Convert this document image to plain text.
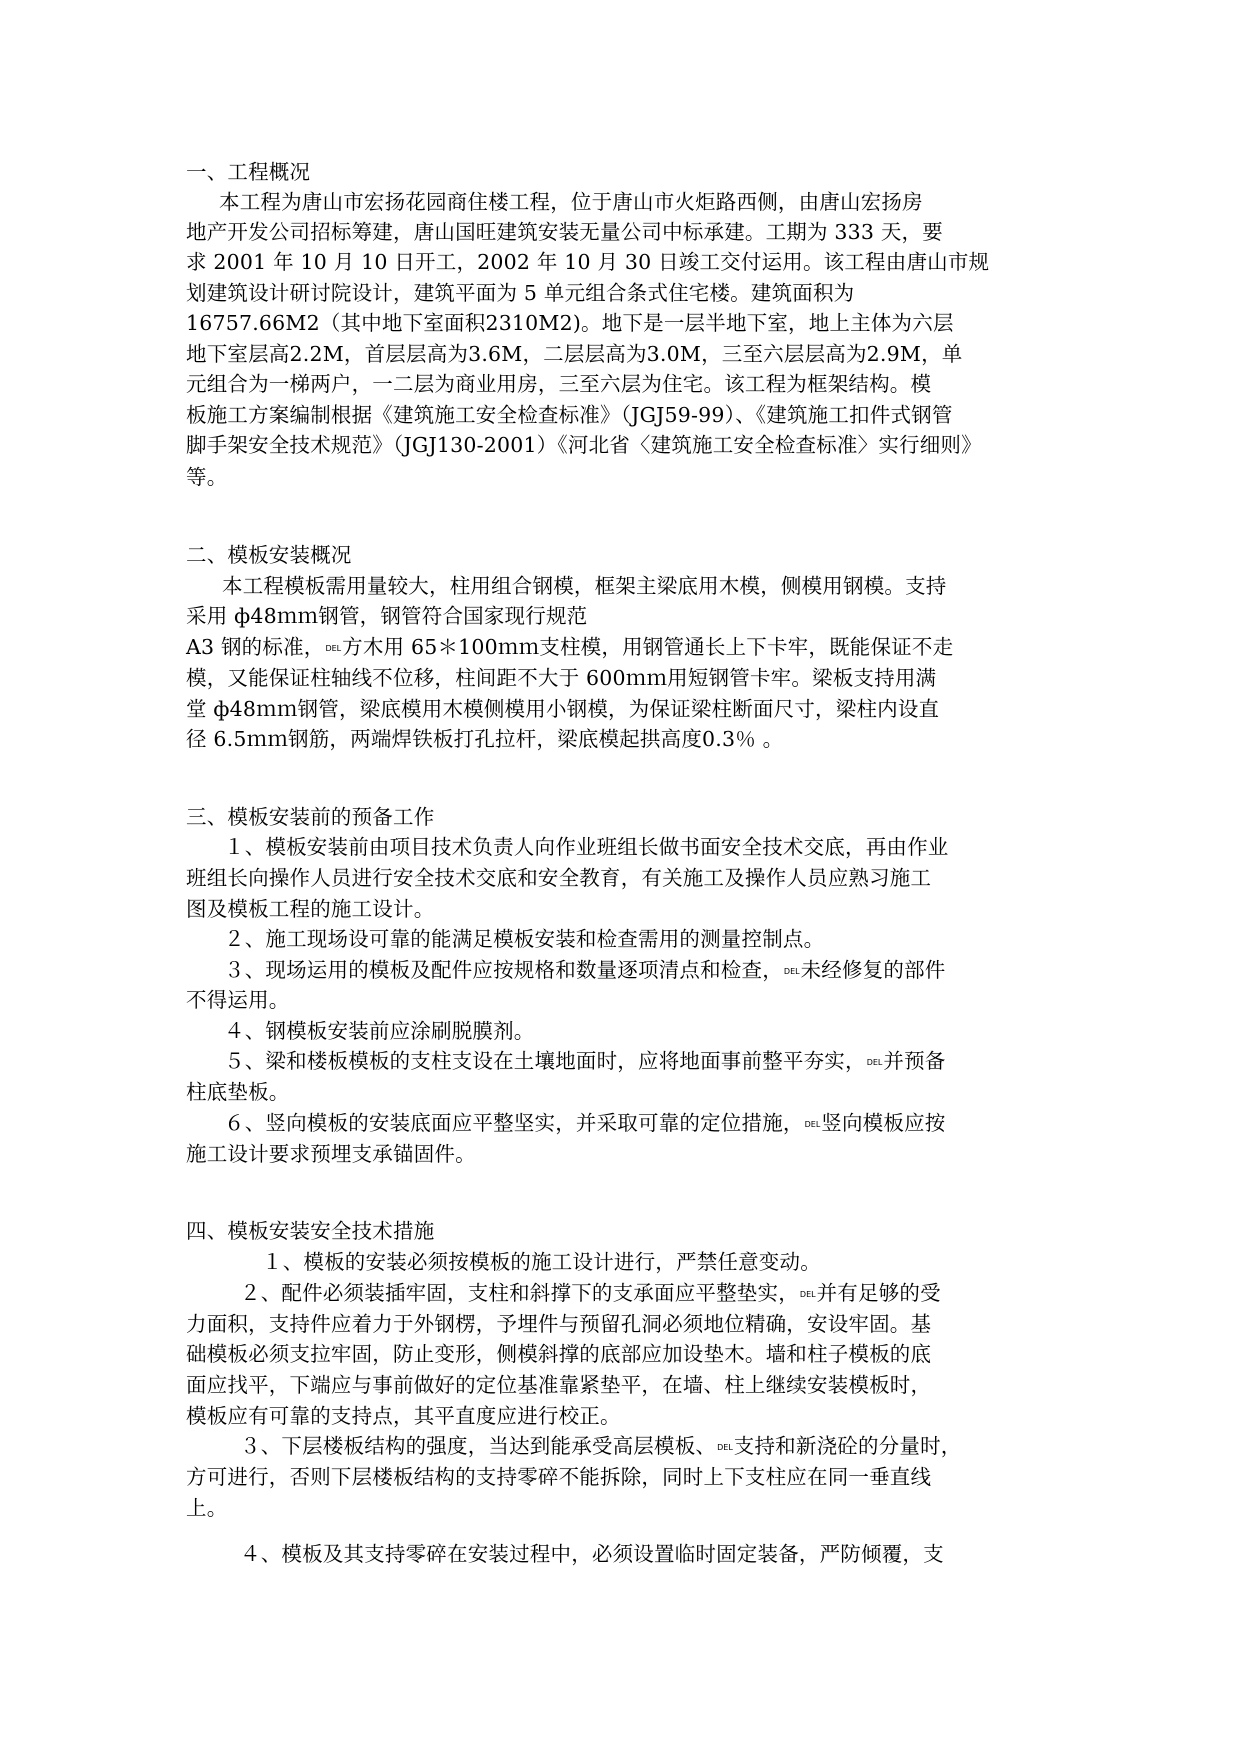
一、工程概况
本工程为唐山市宏扬花园商住楼工程，位于唐山市火炬路西侧，由唐山宏扬房
地产开发公司招标筹建，唐山国旺建筑安装无量公司中标承建。工期为 333 天，要
求 2001 年 10 月 10 日开工，2002 年 10 月 30 日竣工交付运用。该工程由唐山市规
划建筑设计研讨院设计，建筑平面为 5 单元组合条式住宅楼。建筑面积为
16757.66M2（其中地下室面积2310M2)。地下是一层半地下室，地上主体为六层
地下室层高2.2M，首层层高为3.6M，二层层高为3.0M，三至六层层高为2.9M，单
元组合为一梯两户，一二层为商业用房，三至六层为住宅。该工程为框架结构。模
板施工方案编制根据《建筑施工安全检查标准》（JGJ59-99）、《建筑施工扣件式钢管
脚手架安全技术规范》（JGJ130-2001）《河北省〈建筑施工安全检查标准〉实行细则》
等。
二、模板安装概况
本工程模板需用量较大，柱用组合钢模，框架主梁底用木模，侧模用钢模。支持
采用 ф48ｍｍ钢管，钢管符合国家现行规范
A3 钢的标准，DEL方木用 65＊100ｍｍ支柱模，用钢管通长上下卡牢，既能保证不走
模，又能保证柱轴线不位移，柱间距不大于 600ｍｍ用短钢管卡牢。梁板支持用满
堂 ф48ｍｍ钢管，梁底模用木模侧模用小钢模，为保证梁柱断面尺寸，梁柱内设直
径 6.5ｍｍ钢筋，两端焊铁板打孔拉杆，梁底模起拱高度0.3％ 。
三、模板安装前的预备工作
１、模板安装前由项目技术负责人向作业班组长做书面安全技术交底，再由作业
班组长向操作人员进行安全技术交底和安全教育，有关施工及操作人员应熟习施工
图及模板工程的施工设计。
２、施工现场设可靠的能满足模板安装和检查需用的测量控制点。
３、现场运用的模板及配件应按规格和数量逐项清点和检查，DEL未经修复的部件
不得运用。
４、钢模板安装前应涂刷脱膜剂。
５、梁和楼板模板的支柱支设在土壤地面时，应将地面事前整平夯实，DEL并预备
柱底垫板。
６、竖向模板的安装底面应平整坚实，并采取可靠的定位措施，DEL竖向模板应按
施工设计要求预埋支承锚固件。
四、模板安装安全技术措施
１、模板的安装必须按模板的施工设计进行，严禁任意变动。
２、配件必须装插牢固，支柱和斜撑下的支承面应平整垫实，DEL并有足够的受
力面积，支持件应着力于外钢楞，予埋件与预留孔洞必须地位精确，安设牢固。基
础模板必须支拉牢固，防止变形，侧模斜撑的底部应加设垫木。墙和柱子模板的底
面应找平，下端应与事前做好的定位基准靠紧垫平，在墙、柱上继续安装模板时，
模板应有可靠的支持点，其平直度应进行校正。
３、下层楼板结构的强度，当达到能承受高层模板、DEL支持和新浇砼的分量时，
方可进行，否则下层楼板结构的支持零碎不能拆除，同时上下支柱应在同一垂直线
上。
４、模板及其支持零碎在安装过程中，必须设置临时固定装备，严防倾覆，支
